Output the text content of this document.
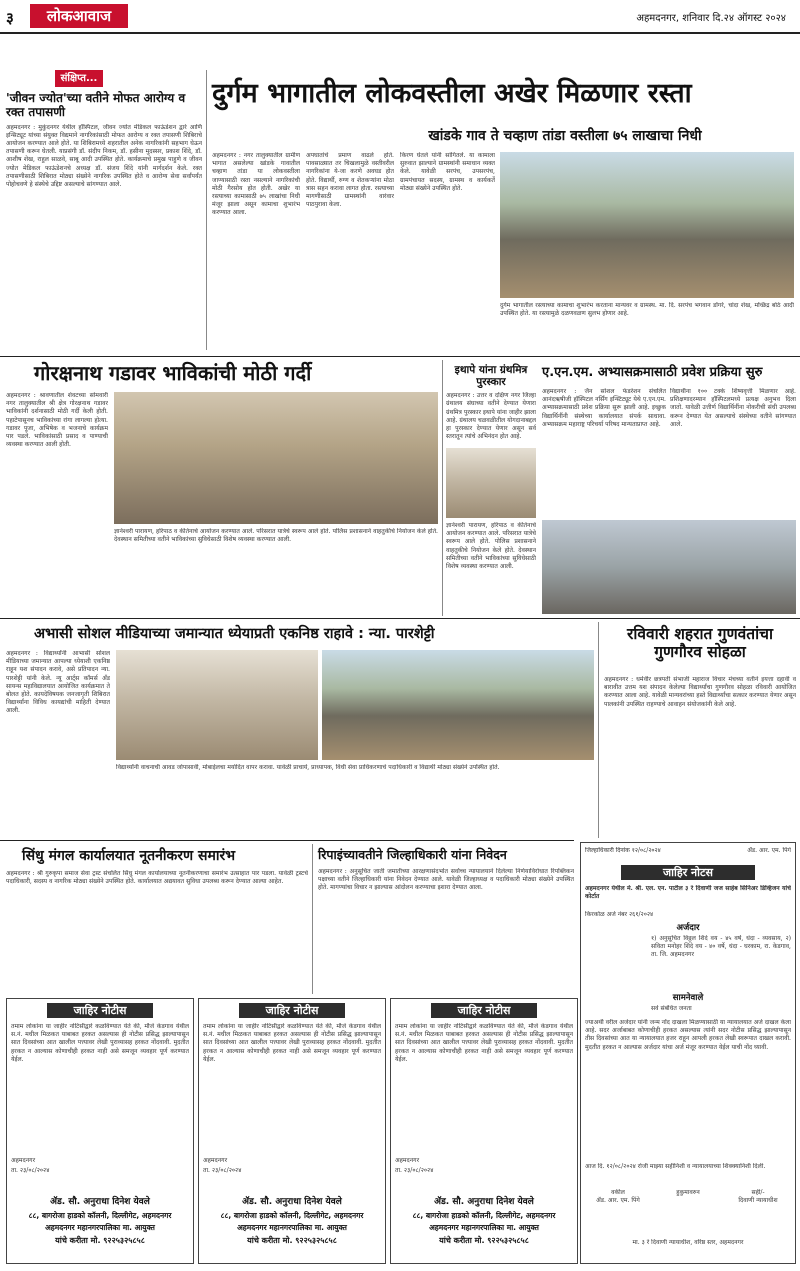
३	लोकआवाज	अहमदनगर, शनिवार दि.२४ ऑगस्ट २०२४
संक्षिप्त...
'जीवन ज्योत'च्या वतीने मोफत आरोग्य व रक्त तपासणी
अहमदनगर : मुकुंदनगर येथील हॉस्पिटल, जीवन ज्योत मेडिकल फाऊंडेशन द्वारे आणि इन्सिट्यूट यांच्या संयुक्त विद्यमाने नागरिकांसाठी मोफत आरोग्य व रक्त तपासणी शिबिराचे आयोजन करण्यात आले होते. या शिबिरामध्ये शहरातील अनेक नागरिकांनी सहभाग घेऊन तपासणी करून घेतली. याप्रसंगी डॉ. संदीप निकम, डॉ. हसीना मुदस्सर, प्रकाश शिंदे, डॉ. आशीष शेख, राहुल साळवे, साबू आदी उपस्थित होते. कार्यक्रमाचे प्रमुख पाहुणे व जीवन ज्योत मेडिकल फाऊंडेशनचे अध्यक्ष डॉ. संजय शिंदे यांनी मार्गदर्शन केले. रक्त तपासणीसाठी शिबिरात मोठ्या संख्येने नागरिक उपस्थित होते व आरोग्य सेवा सर्वांपर्यंत पोहोचवणे हे संस्थेचे उद्दिष्ट असल्याचे सांगण्यात आले.
दुर्गम भागातील लोकवस्तीला अखेर मिळणार रस्ता
खांडके गाव ते चव्हाण तांडा वस्तीला ७५ लाखाचा निधी
अहमदनगर : नगर तालुक्यातील ग्रामीण भागात असलेल्या खांडके गावातील चव्हाण तांडा या लोकवस्तीला जाण्यासाठी रस्ता नसल्याने नागरिकांची मोठी गैरसोय होत होती. अखेर या रस्त्याच्या कामासाठी ७५ लाखांचा निधी मंजूर झाला असून कामाचा शुभारंभ करण्यात आला.
अपघातांचे प्रमाण वाढले होते. पावसाळ्यात तर चिखलामुळे वस्तीवरील नागरिकांना ये-जा करणे अवघड होत होते. विद्यार्थी, रुग्ण व शेतकऱ्यांना मोठा त्रास सहन करावा लागत होता. रस्त्याच्या मागणीसाठी ग्रामस्थांनी वारंवार पाठपुरावा केला.
किरण घेतले यांनी सांगितले. या कामाला सुरुवात झाल्याने ग्रामस्थांनी समाधान व्यक्त केले. यावेळी सरपंच, उपसरपंच, ग्रामपंचायत सदस्य, ग्रामस्थ व कार्यकर्ते मोठ्या संख्येने उपस्थित होते.
दुर्गम भागातील रस्त्याच्या कामाचा शुभारंभ करताना मान्यवर व ग्रामस्थ. मा. दि. सरपंच भगवान डोंगरे, चांदा शेख, मच्छिंद्र बोठे आदी उपस्थित होते. या रस्त्यामुळे दळणवळण सुलभ होणार आहे.
गोरक्षनाथ गडावर भाविकांची मोठी गर्दी
अहमदनगर : श्रावणातील शेवटच्या सोमवारी नगर तालुक्यातील श्री क्षेत्र गोरक्षनाथ गडावर भाविकांनी दर्शनासाठी मोठी गर्दी केली होती. पहाटेपासूनच भाविकांच्या रांगा लागल्या होत्या. गडावर पूजा, अभिषेक व भजनाचे कार्यक्रम पार पडले. भाविकांसाठी प्रसाद व पाण्याची व्यवस्था करण्यात आली होती.
ज्ञानेश्वरी पारायण, हरिपाठ व कीर्तनाचे आयोजन करण्यात आले. परिसरात यात्रेचे स्वरूप आले होते. पोलिस प्रशासनाने वाहतुकीचे नियोजन केले होते. देवस्थान समितीच्या वतीने भाविकांच्या सुविधेसाठी विशेष व्यवस्था करण्यात आली.
इथापे यांना ग्रंथमित्र पुरस्कार
अहमदनगर : उत्तर व दक्षिण नगर जिल्हा ग्रंथालय संघाच्या वतीने देण्यात येणारा ग्रंथमित्र पुरस्कार इथापे यांना जाहीर झाला आहे. ग्रंथालय चळवळीतील योगदानाबद्दल हा पुरस्कार देण्यात येणार असून सर्व स्तरातून त्यांचे अभिनंदन होत आहे.
ज्ञानेश्वरी पारायण, हरिपाठ व कीर्तनाचे आयोजन करण्यात आले. परिसरात यात्रेचे स्वरूप आले होते. पोलिस प्रशासनाने वाहतुकीचे नियोजन केले होते. देवस्थान समितीच्या वतीने भाविकांच्या सुविधेसाठी विशेष व्यवस्था करण्यात आली.
ए.एन.एम. अभ्यासक्रमासाठी प्रवेश प्रक्रिया सुरु
अहमदनगर : जैन सोशल फेडरेशन संचलित आनंदऋषीजी हॉस्पिटल नर्सिंग इन्स्टिट्यूट येथे ए.एन.एम. अभ्यासक्रमासाठी प्रवेश प्रक्रिया सुरू झाली आहे. इच्छुक विद्यार्थिनींनी संस्थेच्या कार्यालयात संपर्क साधावा. अभ्यासक्रम महाराष्ट्र परिचर्या परिषद मान्यताप्राप्त आहे.
विद्यार्थीना १०० टक्के शिष्यवृत्ती मिळणार आहे. प्रशिक्षणादरम्यान हॉस्पिटलमध्ये प्रत्यक्ष अनुभव दिला जातो. यावेळी उत्तीर्ण विद्यार्थिनींना नोकरीची संधी उपलब्ध करून देण्यात येत असल्याचे संस्थेच्या वतीने सांगण्यात आले.
अभासी सोशल मीडियाच्या जमान्यात ध्येयाप्रती एकनिष्ठ राहावे : न्या. पारशेट्टी
अहमदनगर : विद्यार्थ्यांनी आभासी सोशल मीडियाच्या जमान्यात आपल्या ध्येयाशी एकनिष्ठ राहून यश संपादन करावे, असे प्रतिपादन न्या. पारशेट्टी यांनी केले. न्यू आर्ट्स कॉमर्स अँड सायन्स महाविद्यालयात आयोजित कार्यक्रमात ते बोलत होते. कायदेविषयक जनजागृती शिबिरात विद्यार्थ्यांना विविध कायद्यांची माहिती देण्यात आली.
विद्यार्थ्यांनी वाचनाची आवड जोपासावी, मोबाईलचा मर्यादित वापर करावा. यावेळी प्राचार्य, प्राध्यापक, विधी सेवा प्राधिकरणाचे पदाधिकारी व विद्यार्थी मोठ्या संख्येने उपस्थित होते.
रविवारी शहरात गुणवंतांचा गुणगौरव सोहळा
अहमदनगर : धर्मवीर छत्रपती संभाजी महाराज विचार मंचच्या वतीने इयत्ता दहावी व बारावीत उत्तम यश संपादन केलेल्या विद्यार्थ्यांचा गुणगौरव सोहळा रविवारी आयोजित करण्यात आला आहे. यावेळी मान्यवरांच्या हस्ते विद्यार्थ्यांचा सत्कार करण्यात येणार असून पालकांनी उपस्थित राहण्याचे आवाहन संयोजकांनी केले आहे.
सिंधु मंगल कार्यालयात नूतनीकरण समारंभ
अहमदनगर : श्री गुरुकृपा समाज सेवा ट्रस्ट संचलित सिंधु मंगल कार्यालयाच्या नूतनीकरणाचा समारंभ उत्साहात पार पडला. यावेळी ट्रस्टचे पदाधिकारी, सदस्य व नागरिक मोठ्या संख्येने उपस्थित होते. कार्यालयात अद्ययावत सुविधा उपलब्ध करून देण्यात आल्या आहेत.
रिपाइंच्यावतीने जिल्हाधिकारी यांना निवेदन
अहमदनगर : अनुसूचित जाती जमातीच्या आरक्षणासंदर्भात सर्वोच्च न्यायालयाने दिलेल्या निर्णयाविरोधात रिपब्लिकन पक्षाच्या वतीने जिल्हाधिकारी यांना निवेदन देण्यात आले. यावेळी जिल्हाध्यक्ष व पदाधिकारी मोठ्या संख्येने उपस्थित होते. मागण्यांचा विचार न झाल्यास आंदोलन करण्याचा इशारा देण्यात आला.
जिल्हाधिकारी दिनांक १२/०८/२०२४	ॲड. आर. एम. पिंगे
जाहिर नोटस
अहमदनगर येथील मे. श्री. एल. एन. पाटील ३ रे दिवाणी जज साहेब सिनिअर डिव्हिजन यांचे कोर्टात
किरकोळ अर्ज नंबर २६१/२०२४
अर्जदार
१) अनुसूचित विठ्ठल शिंदे वय - ४५ वर्षे, धंदा - व्यवसाय, २) सविता मनोहर शिंदे वय - ४० वर्षे, धंदा - घरकाम, रा. केडगाव, ता. जि. अहमदनगर
सामनेवाले
सर्व संबंधित जनता
ज्याअर्थी वरील अर्जदार यांनी जन्म नोंद दाखला मिळण्यासाठी या न्यायालयात अर्ज दाखल केला आहे. सदर अर्जाबाबत कोणाचीही हरकत असल्यास त्यांनी सदर नोटीस प्रसिद्ध झाल्यापासून तीस दिवसांच्या आत या न्यायालयात हजर राहून आपली हरकत लेखी स्वरूपात दाखल करावी. मुदतीत हरकत न आल्यास अर्जदार यांचा अर्ज मंजूर करण्यात येईल याची नोंद घ्यावी.
आज दि. १२/०८/२०२४ रोजी माझ्या सहीनिशी व न्यायालयाच्या शिक्क्यानिशी दिली.
वकील
ॲड. आर. एम. पिंगे
हुकुमावरुन	सही/-
दिवाणी न्यायाधीश
मा. ३ रे दिवाणी न्यायाधीश, वरिष्ठ स्तर, अहमदनगर
जाहिर नोटीस
तमाम लोकांना या जाहीर नोटिसीद्वारे कळविण्यात येते की, मौजे केडगाव येथील स.नं. मधील मिळकत याबाबत हरकत असल्यास ही नोटीस प्रसिद्ध झाल्यापासून सात दिवसांच्या आत खालील पत्त्यावर लेखी पुराव्यासह हरकत नोंदवावी. मुदतीत हरकत न आल्यास कोणाचीही हरकत नाही असे समजून व्यवहार पूर्ण करण्यात येईल.
अहमदनगर
ता. २३/०८/२०२४
ॲड. सौ. अनुराधा दिनेश येवले
८८, बागरोजा हाडको कॉलनी, दिल्लीगेट, अहमदनगर
अहमदनगर महानगरपालिका मा. आयुक्त
यांचे करीता मो. ९२२५३२५८५८
जाहिर नोटीस
तमाम लोकांना या जाहीर नोटिसीद्वारे कळविण्यात येते की, मौजे केडगाव येथील स.नं. मधील मिळकत याबाबत हरकत असल्यास ही नोटीस प्रसिद्ध झाल्यापासून सात दिवसांच्या आत खालील पत्त्यावर लेखी पुराव्यासह हरकत नोंदवावी. मुदतीत हरकत न आल्यास कोणाचीही हरकत नाही असे समजून व्यवहार पूर्ण करण्यात येईल.
अहमदनगर
ता. २३/०८/२०२४
ॲड. सौ. अनुराधा दिनेश येवले
८८, बागरोजा हाडको कॉलनी, दिल्लीगेट, अहमदनगर
अहमदनगर महानगरपालिका मा. आयुक्त
यांचे करीता मो. ९२२५३२५८५८
जाहिर नोटीस
तमाम लोकांना या जाहीर नोटिसीद्वारे कळविण्यात येते की, मौजे केडगाव येथील स.नं. मधील मिळकत याबाबत हरकत असल्यास ही नोटीस प्रसिद्ध झाल्यापासून सात दिवसांच्या आत खालील पत्त्यावर लेखी पुराव्यासह हरकत नोंदवावी. मुदतीत हरकत न आल्यास कोणाचीही हरकत नाही असे समजून व्यवहार पूर्ण करण्यात येईल.
अहमदनगर
ता. २३/०८/२०२४
ॲड. सौ. अनुराधा दिनेश येवले
८८, बागरोजा हाडको कॉलनी, दिल्लीगेट, अहमदनगर
अहमदनगर महानगरपालिका मा. आयुक्त
यांचे करीता मो. ९२२५३२५८५८
